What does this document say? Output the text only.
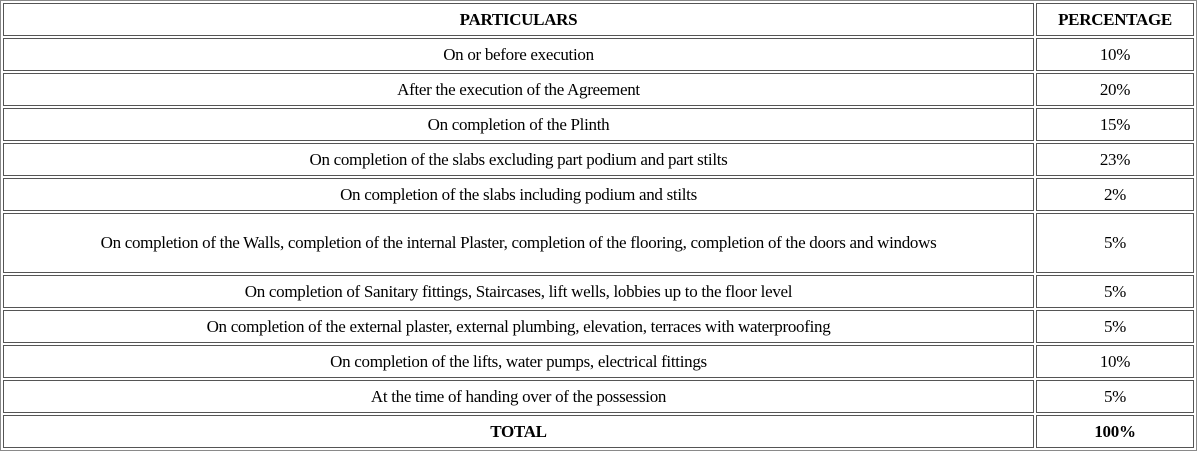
PARTICULARS	PERCENTAGE
On or before execution	10%
After the execution of the Agreement	20%
On completion of the Plinth	15%
On completion of the slabs excluding part podium and part stilts	23%
On completion of the slabs including podium and stilts	2%
On completion of the Walls, completion of the internal Plaster, completion of the flooring, completion of the doors and windows	5%
On completion of Sanitary fittings, Staircases, lift wells, lobbies up to the floor level	5%
On completion of the external plaster, external plumbing, elevation, terraces with waterproofing	5%
On completion of the lifts, water pumps, electrical fittings	10%
At the time of handing over of the possession	5%
TOTAL	100%
